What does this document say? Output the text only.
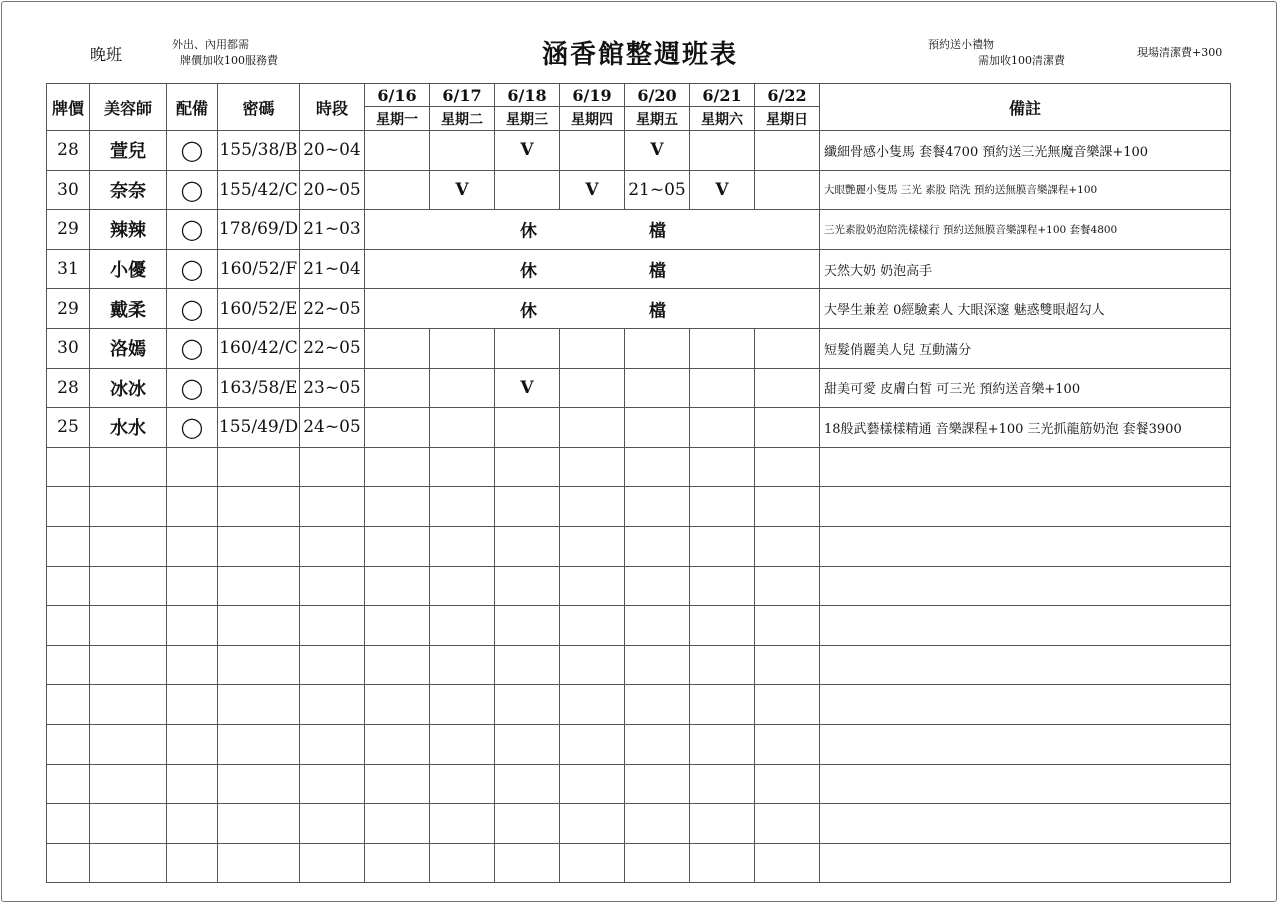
晚班
外出、內用都需
牌價加收100服務費	涵香館整週班表	預約送小禮物
需加收100清潔費
現場清潔費+300
牌價	美容師	配備	密碼	時段	6/16	6/17	6/18	6/19	6/20	6/21	6/22	備註
					星期一	星期二	星期三	星期四	星期五	星期六	星期日	
28	萱兒	◯	155/38/B	20~04			V		V			纖細骨感小隻馬 套餐4700 預約送三光無魔音樂課+100
30	奈奈	◯	155/42/C	20~05		V		V	21~05	V		大眼艷麗小隻馬 三光 素股 陪洗 預約送無膜音樂課程+100
29	辣辣	◯	178/69/D	21~03	休 檔							三光素股奶泡陪洗樣樣行 預約送無膜音樂課程+100 套餐4800
31	小優	◯	160/52/F	21~04	休 檔							天然大奶 奶泡高手
29	戴柔	◯	160/52/E	22~05	休 檔							大學生兼差 0經驗素人 大眼深邃 魅惑雙眼超勾人
30	洛嫣	◯	160/42/C	22~05								短髮俏麗美人兒 互動滿分
28	冰冰	◯	163/58/E	23~05			V					甜美可愛 皮膚白皙 可三光 預約送音樂+100
25	水水	◯	155/49/D	24~05								18般武藝樣樣精通 音樂課程+100 三光抓龍筋奶泡 套餐3900
